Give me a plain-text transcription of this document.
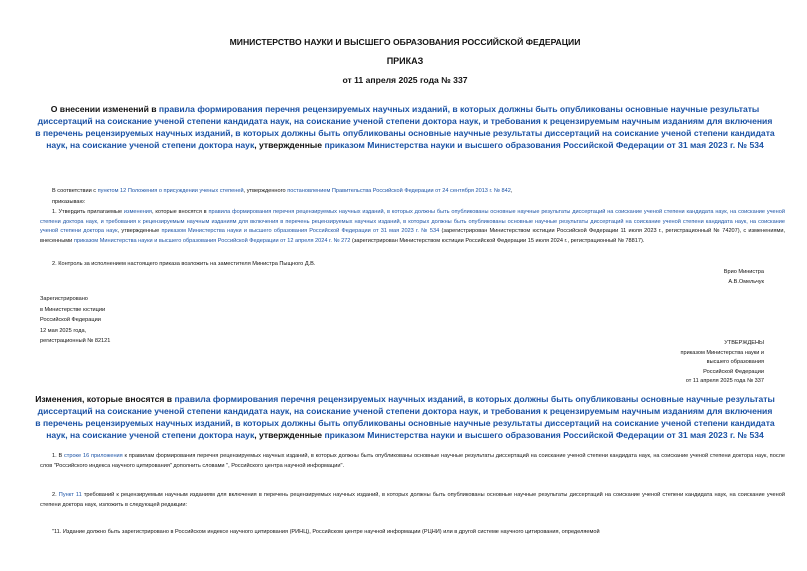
МИНИСТЕРСТВО НАУКИ И ВЫСШЕГО ОБРАЗОВАНИЯ РОССИЙСКОЙ ФЕДЕРАЦИИ
ПРИКАЗ
от 11 апреля 2025 года № 337
О внесении изменений в правила формирования перечня рецензируемых научных изданий, в которых должны быть опубликованы основные научные результаты диссертаций на соискание ученой степени кандидата наук, на соискание ученой степени доктора наук, и требования к рецензируемым научным изданиям для включения в перечень рецензируемых научных изданий, в которых должны быть опубликованы основные научные результаты диссертаций на соискание ученой степени кандидата наук, на соискание ученой степени доктора наук, утвержденные приказом Министерства науки и высшего образования Российской Федерации от 31 мая 2023 г. № 534
В соответствии с пунктом 12 Положения о присуждении ученых степеней, утвержденного постановлением Правительства Российской Федерации от 24 сентября 2013 г. № 842,
приказываю:
1. Утвердить прилагаемые изменения, которые вносятся в правила формирования перечня рецензируемых научных изданий, в которых должны быть опубликованы основные научные результаты диссертаций на соискание ученой степени кандидата наук, на соискание ученой степени доктора наук, и требования к рецензируемым научным изданиям для включения в перечень рецензируемых научных изданий, в которых должны быть опубликованы основные научные результаты диссертаций на соискание ученой степени кандидата наук, на соискание ученой степени доктора наук, утвержденные приказом Министерства науки и высшего образования Российской Федерации от 31 мая 2023 г. № 534 (зарегистрирован Министерством юстиции Российской Федерации 11 июля 2023 г., регистрационный № 74207), с изменениями, внесенными приказом Министерства науки и высшего образования Российской Федерации от 12 апреля 2024 г. № 272 (зарегистрирован Министерством юстиции Российской Федерации 15 июля 2024 г., регистрационный № 78817).
2. Контроль за исполнением настоящего приказа возложить на заместителя Министра Пыщного Д.В.
Врио Министра
А.В.Омельчук
Зарегистрировано
в Министерстве юстиции
Российской Федерации
12 мая 2025 года,
регистрационный № 82121	УТВЕРЖДЕНЫ
приказом Министерства науки и
высшего образования
Российской Федерации
от 11 апреля 2025 года № 337
Изменения, которые вносятся в правила формирования перечня рецензируемых научных изданий, в которых должны быть опубликованы основные научные результаты диссертаций на соискание ученой степени кандидата наук, на соискание ученой степени доктора наук, и требования к рецензируемым научным изданиям для включения в перечень рецензируемых научных изданий, в которых должны быть опубликованы основные научные результаты диссертаций на соискание ученой степени кандидата наук, на соискание ученой степени доктора наук, утвержденные приказом Министерства науки и высшего образования Российской Федерации от 31 мая 2023 г. № 534
1. В строке 16 приложения к правилам формирования перечня рецензируемых научных изданий, в которых должны быть опубликованы основные научные результаты диссертаций на соискание ученой степени кандидата наук, на соискание ученой степени доктора наук, после слов "Российского индекса научного цитирования" дополнить словами ", Российского центра научной информации".
2. Пункт 11 требований к рецензируемым научным изданиям для включения в перечень рецензируемых научных изданий, в которых должны быть опубликованы основные научные результаты диссертаций на соискание ученой степени кандидата наук, на соискание ученой степени доктора наук, изложить в следующей редакции:
"11. Издание должно быть зарегистрировано в Российском индексе научного цитирования (РИНЦ), Российском центре научной информации (РЦНИ) или в другой системе научного цитирования, определяемой
